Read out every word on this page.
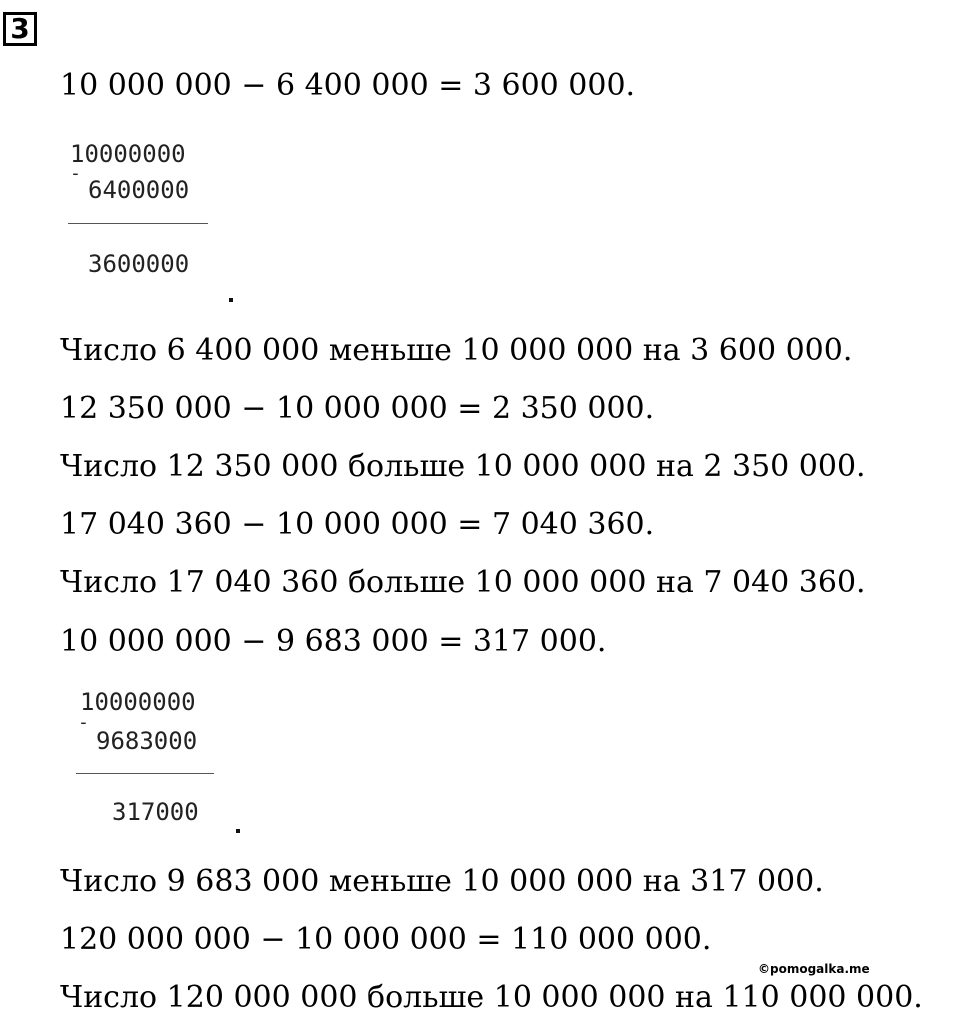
3
10 000 000 − 6 400 000 = 3 600 000.
10000000
-
6400000
3600000
Число 6 400 000 меньше 10 000 000 на 3 600 000.
12 350 000 − 10 000 000 = 2 350 000.
Число 12 350 000 больше 10 000 000 на 2 350 000.
17 040 360 − 10 000 000 = 7 040 360.
Число 17 040 360 больше 10 000 000 на 7 040 360.
10 000 000 − 9 683 000 = 317 000.
10000000
-
9683000
317000
Число 9 683 000 меньше 10 000 000 на 317 000.
120 000 000 − 10 000 000 = 110 000 000.
©pomogalka.me
Число 120 000 000 больше 10 000 000 на 110 000 000.
